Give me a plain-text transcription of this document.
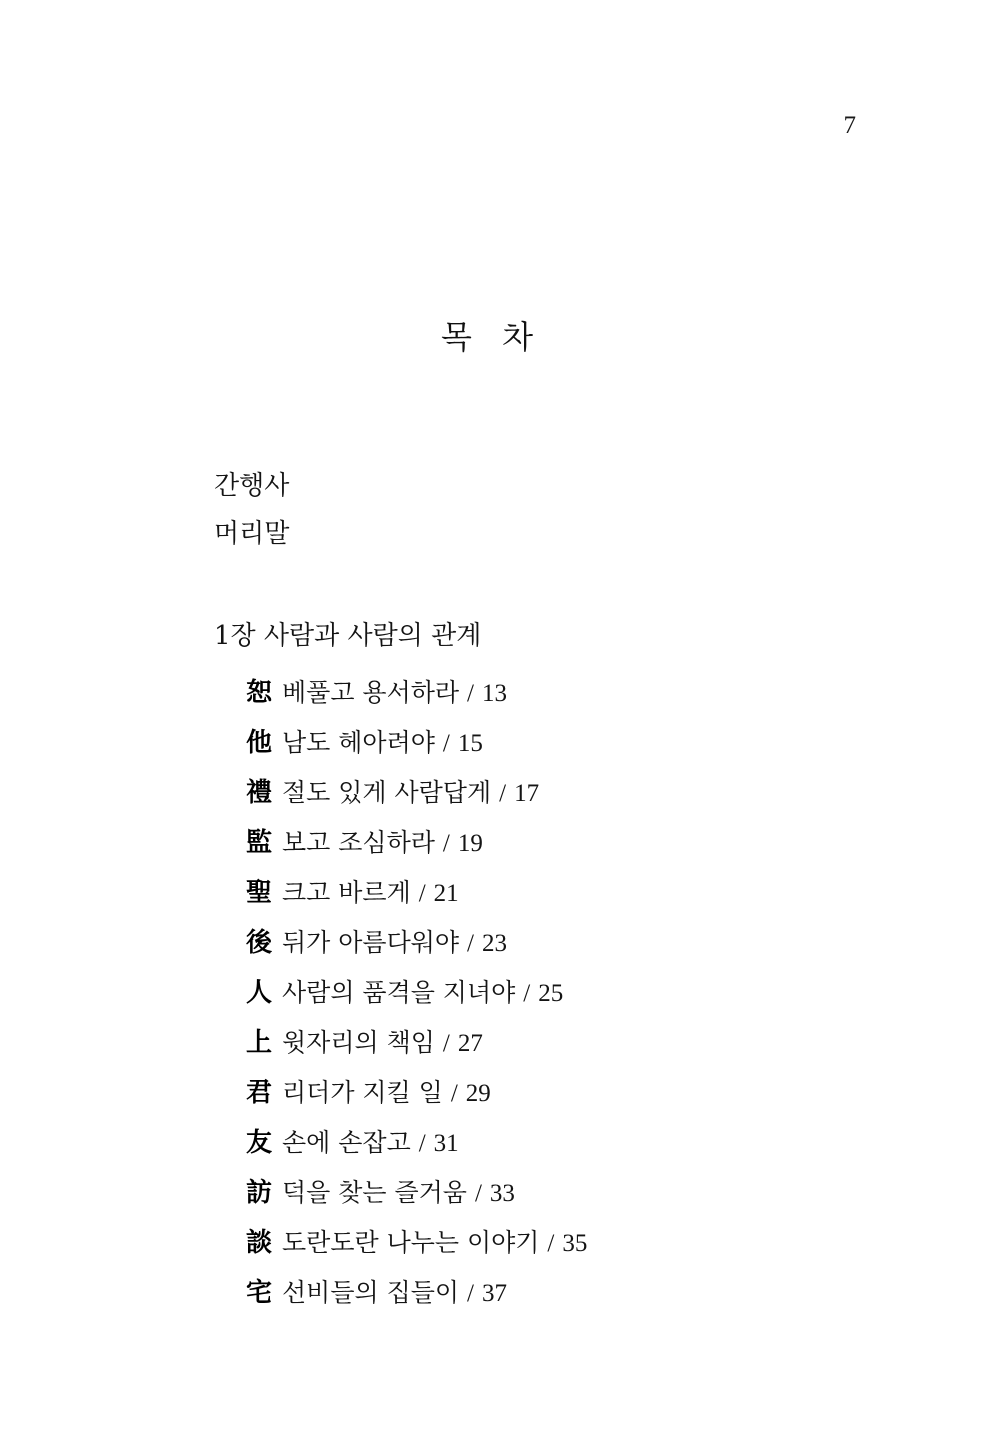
7
목 차
간행사
머리말
1장 사람과 사람의 관계
恕 베풀고 용서하라 / 13
他 남도 헤아려야 / 15
禮 절도 있게 사람답게 / 17
監 보고 조심하라 / 19
聖 크고 바르게 / 21
後 뒤가 아름다워야 / 23
人 사람의 품격을 지녀야 / 25
上 윗자리의 책임 / 27
君 리더가 지킬 일 / 29
友 손에 손잡고 / 31
訪 덕을 찾는 즐거움 / 33
談 도란도란 나누는 이야기 / 35
宅 선비들의 집들이 / 37
